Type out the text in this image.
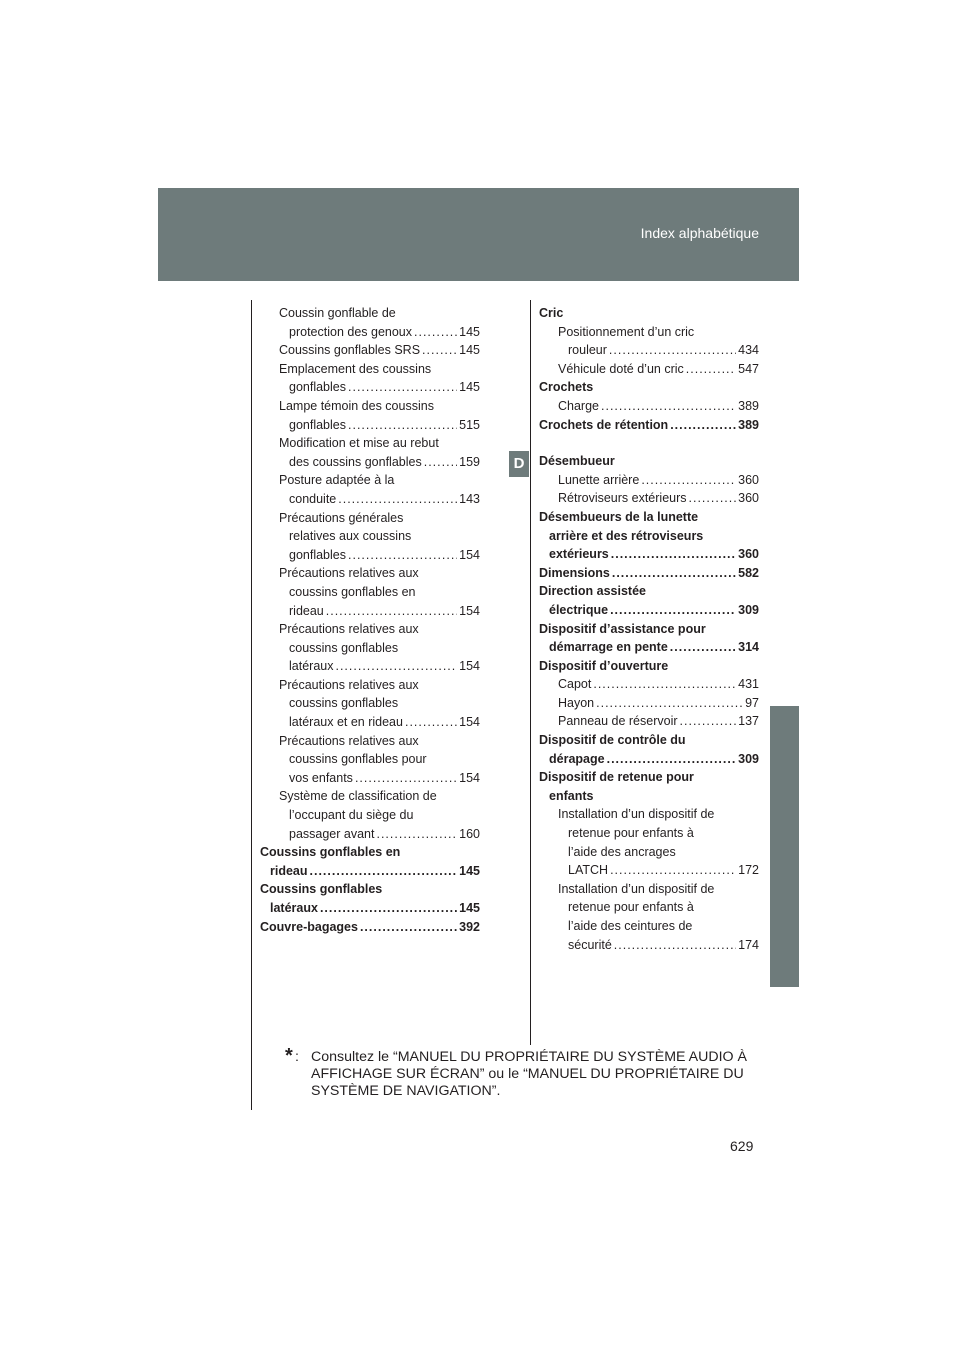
Index alphabétique
D
Coussin gonflable de
protection des genoux .....	145
Coussins gonflables SRS .....	145
Emplacement des coussins
gonflables .....	145
Lampe témoin des coussins
gonflables .....	515
Modification et mise au rebut
des coussins gonflables .....	159
Posture adaptée à la
conduite .....	143
Précautions générales
relatives aux coussins
gonflables .....	154
Précautions relatives aux
coussins gonflables en
rideau .....	154
Précautions relatives aux
coussins gonflables
latéraux .....	154
Précautions relatives aux
coussins gonflables
latéraux et en rideau .....	154
Précautions relatives aux
coussins gonflables pour
vos enfants .....	154
Système de classification de
l’occupant du siège du
passager avant .....	160
Coussins gonflables en
rideau .....	145
Coussins gonflables
latéraux .....	145
Couvre-bagages .....	392
Cric
Positionnement d’un cric
rouleur .....	434
Véhicule doté d’un cric .....	547
Crochets
Charge .....	389
Crochets de rétention .....	389
Désembueur
Lunette arrière .....	360
Rétroviseurs extérieurs .....	360
Désembueurs de la lunette
arrière et des rétroviseurs
extérieurs .....	360
Dimensions .....	582
Direction assistée
électrique .....	309
Dispositif d’assistance pour
démarrage en pente .....	314
Dispositif d’ouverture
Capot .....	431
Hayon .....	97
Panneau de réservoir .....	137
Dispositif de contrôle du
dérapage .....	309
Dispositif de retenue pour
enfants
Installation d’un dispositif de
retenue pour enfants à
l’aide des ancrages
LATCH .....	172
Installation d’un dispositif de
retenue pour enfants à
l’aide des ceintures de
sécurité .....	174
* : Consultez le “MANUEL DU PROPRIÉTAIRE DU SYSTÈME AUDIO À AFFICHAGE SUR ÉCRAN” ou le “MANUEL DU PROPRIÉTAIRE DU SYSTÈME DE NAVIGATION”.
629
